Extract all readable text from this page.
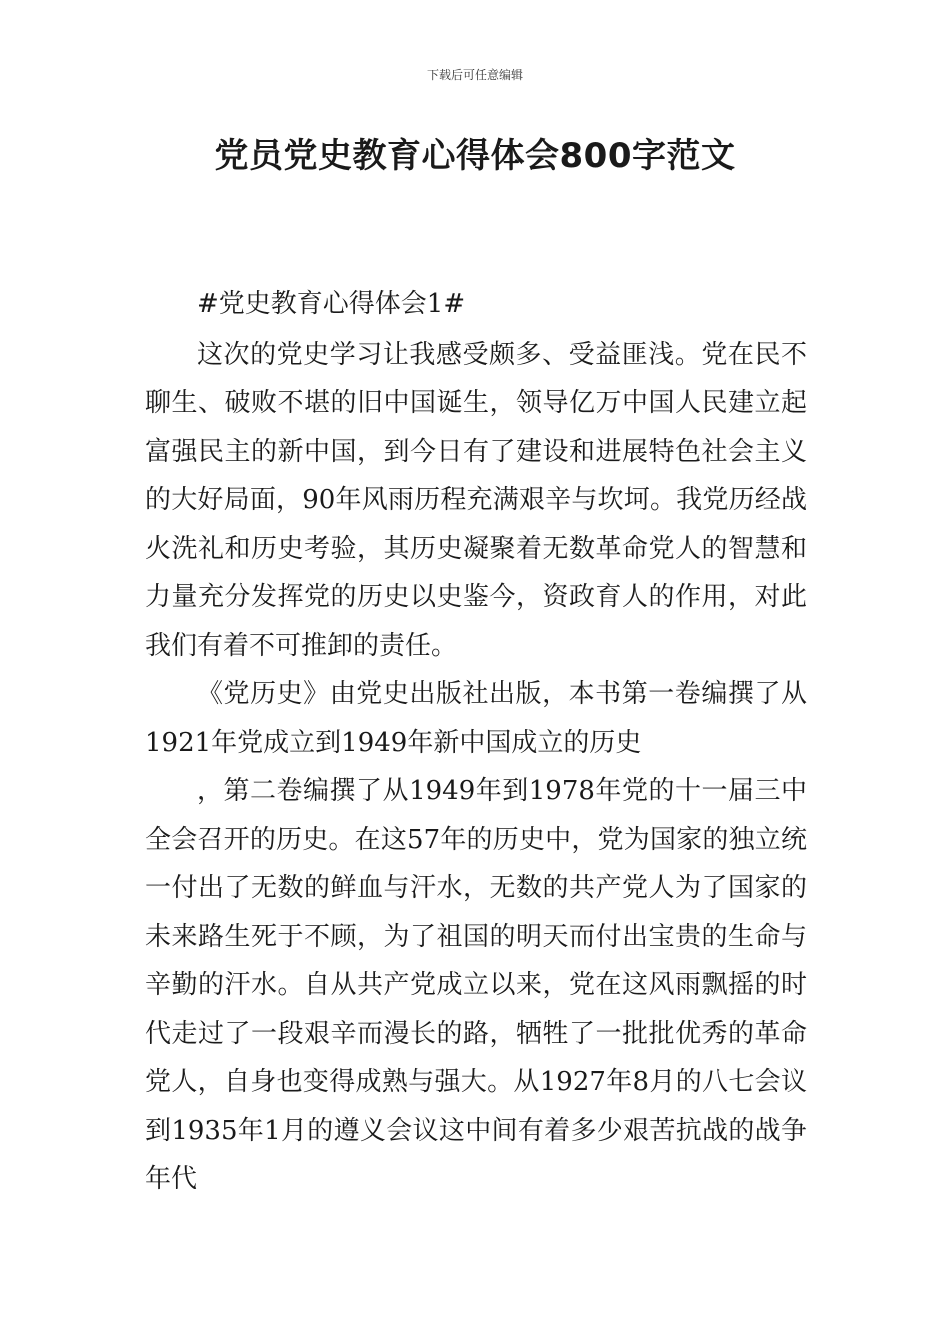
下载后可任意编辑
党员党史教育心得体会800字范文

#党史教育心得体会1#

这次的党史学习让我感受颇多、受益匪浅。党在民不聊生、破败不堪的旧中国诞生，领导亿万中国人民建立起富强民主的新中国，到今日有了建设和进展特色社会主义的大好局面，90年风雨历程充满艰辛与坎坷。我党历经战火洗礼和历史考验，其历史凝聚着无数革命党人的智慧和力量充分发挥党的历史以史鉴今，资政育人的作用，对此我们有着不可推卸的责任。

《党历史》由党史出版社出版，本书第一卷编撰了从1921年党成立到1949年新中国成立的历史

，第二卷编撰了从1949年到1978年党的十一届三中全会召开的历史。在这57年的历史中，党为国家的独立统一付出了无数的鲜血与汗水，无数的共产党人为了国家的未来路生死于不顾，为了祖国的明天而付出宝贵的生命与辛勤的汗水。自从共产党成立以来，党在这风雨飘摇的时代走过了一段艰辛而漫长的路，牺牲了一批批优秀的革命党人，自身也变得成熟与强大。从1927年8月的八七会议到1935年1月的遵义会议这中间有着多少艰苦抗战的战争年代
